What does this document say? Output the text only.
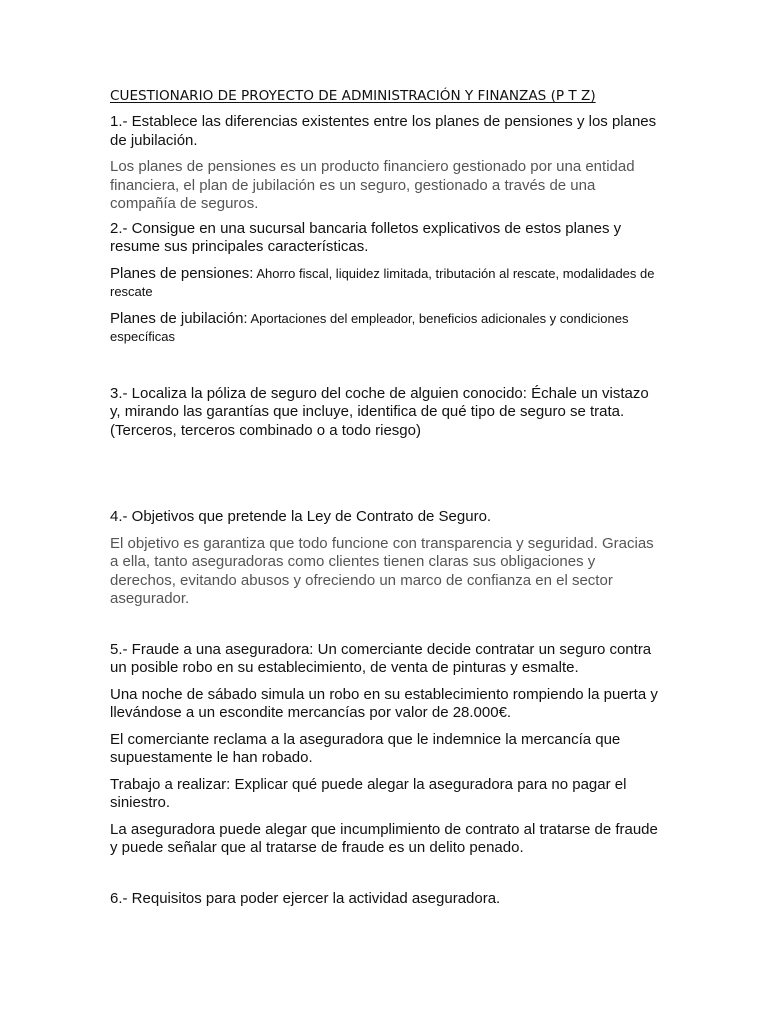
CUESTIONARIO DE PROYECTO DE ADMINISTRACIÓN Y FINANZAS (P T Z)

1.- Establece las diferencias existentes entre los planes de pensiones y los planes de jubilación.

Los planes de pensiones es un producto financiero gestionado por una entidad financiera, el plan de jubilación es un seguro, gestionado a través de una compañía de seguros.

2.- Consigue en una sucursal bancaria folletos explicativos de estos planes y resume sus principales características.

Planes de pensiones: Ahorro fiscal, liquidez limitada, tributación al rescate, modalidades de rescate

Planes de jubilación: Aportaciones del empleador, beneficios adicionales y condiciones específicas

3.- Localiza la póliza de seguro del coche de alguien conocido: Échale un vistazo y, mirando las garantías que incluye, identifica de qué tipo de seguro se trata. (Terceros, terceros combinado o a todo riesgo)

4.- Objetivos que pretende la Ley de Contrato de Seguro.

El objetivo es garantiza que todo funcione con transparencia y seguridad. Gracias a ella, tanto aseguradoras como clientes tienen claras sus obligaciones y derechos, evitando abusos y ofreciendo un marco de confianza en el sector asegurador.

5.- Fraude a una aseguradora: Un comerciante decide contratar un seguro contra un posible robo en su establecimiento, de venta de pinturas y esmalte.

Una noche de sábado simula un robo en su establecimiento rompiendo la puerta y llevándose a un escondite mercancías por valor de 28.000€.

El comerciante reclama a la aseguradora que le indemnice la mercancía que supuestamente le han robado.

Trabajo a realizar: Explicar qué puede alegar la aseguradora para no pagar el siniestro.

La aseguradora puede alegar que incumplimiento de contrato al tratarse de fraude y puede señalar que al tratarse de fraude es un delito penado.

6.- Requisitos para poder ejercer la actividad aseguradora.
